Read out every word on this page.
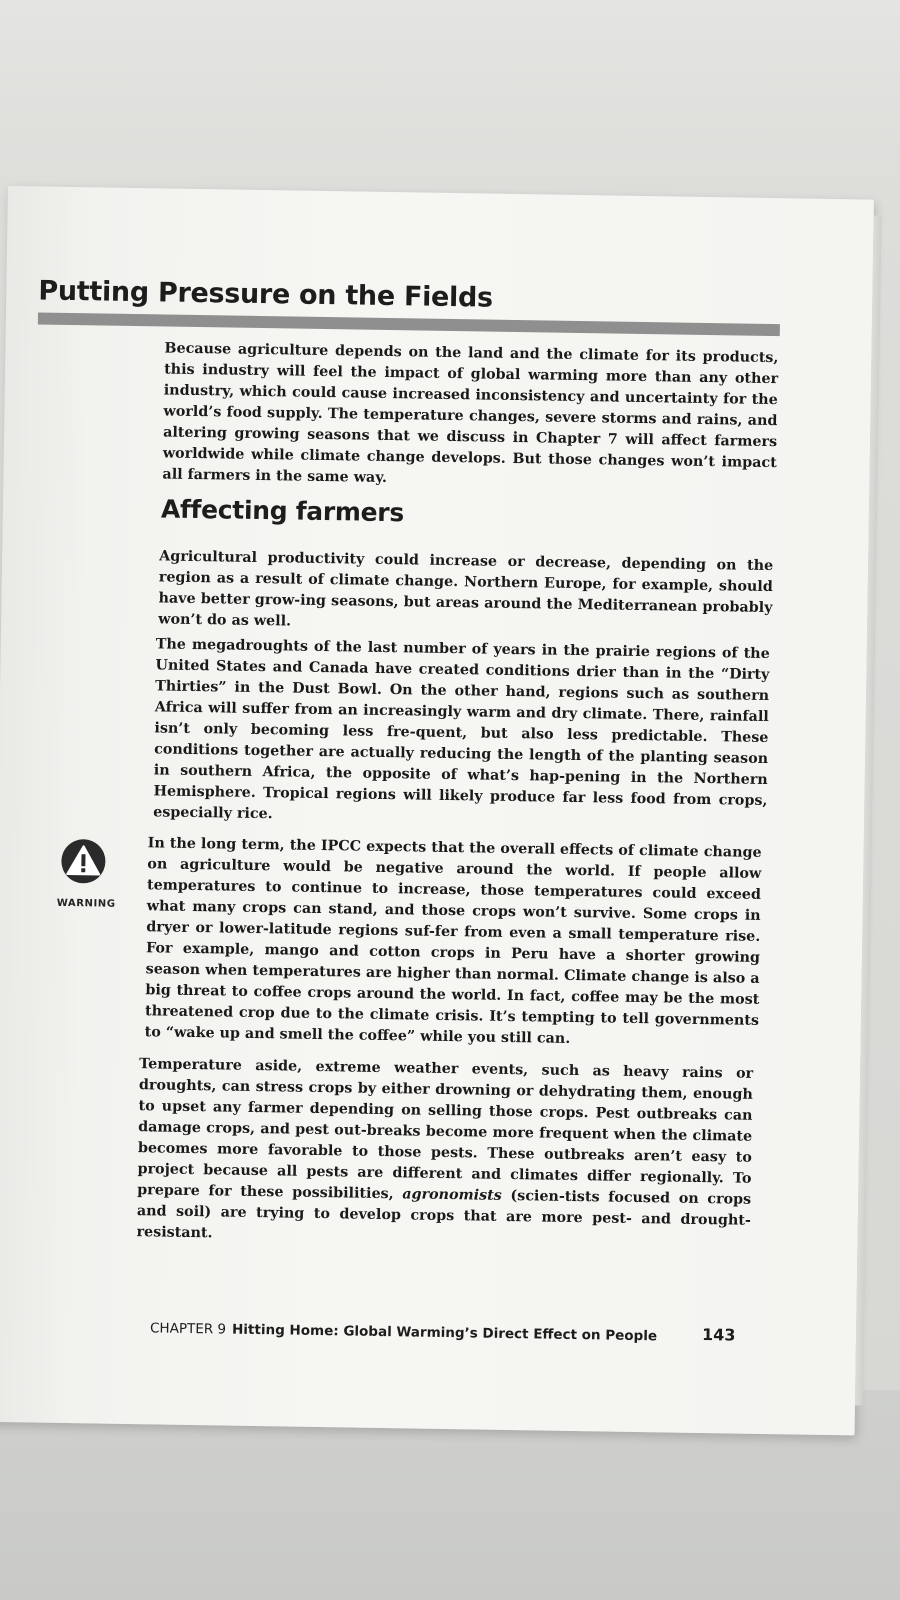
Putting Pressure on the Fields

Because agriculture depends on the land and the climate for its products, this industry will feel the impact of global warming more than any other industry, which could cause increased inconsistency and uncertainty for the world’s food supply. The temperature changes, severe storms and rains, and altering growing seasons that we discuss in Chapter 7 will affect farmers worldwide while climate change develops. But those changes won’t impact all farmers in the same way.

Affecting farmers

Agricultural productivity could increase or decrease, depending on the region as a result of climate change. Northern Europe, for example, should have better grow-ing seasons, but areas around the Mediterranean probably won’t do as well.

The megadroughts of the last number of years in the prairie regions of the United States and Canada have created conditions drier than in the “Dirty Thirties” in the Dust Bowl. On the other hand, regions such as southern Africa will suffer from an increasingly warm and dry climate. There, rainfall isn’t only becoming less fre-quent, but also less predictable. These conditions together are actually reducing the length of the planting season in southern Africa, the opposite of what’s hap-pening in the Northern Hemisphere. Tropical regions will likely produce far less food from crops, especially rice.

WARNING

In the long term, the IPCC expects that the overall effects of climate change on agriculture would be negative around the world. If people allow temperatures to continue to increase, those temperatures could exceed what many crops can stand, and those crops won’t survive. Some crops in dryer or lower-latitude regions suf-fer from even a small temperature rise. For example, mango and cotton crops in Peru have a shorter growing season when temperatures are higher than normal. Climate change is also a big threat to coffee crops around the world. In fact, coffee may be the most threatened crop due to the climate crisis. It’s tempting to tell governments to “wake up and smell the coffee” while you still can.

Temperature aside, extreme weather events, such as heavy rains or droughts, can stress crops by either drowning or dehydrating them, enough to upset any farmer depending on selling those crops. Pest outbreaks can damage crops, and pest out-breaks become more frequent when the climate becomes more favorable to those pests. These outbreaks aren’t easy to project because all pests are different and climates differ regionally. To prepare for these possibilities, agronomists (scien-tists focused on crops and soil) are trying to develop crops that are more pest- and drought-resistant.

CHAPTER 9 Hitting Home: Global Warming’s Direct Effect on People	143
